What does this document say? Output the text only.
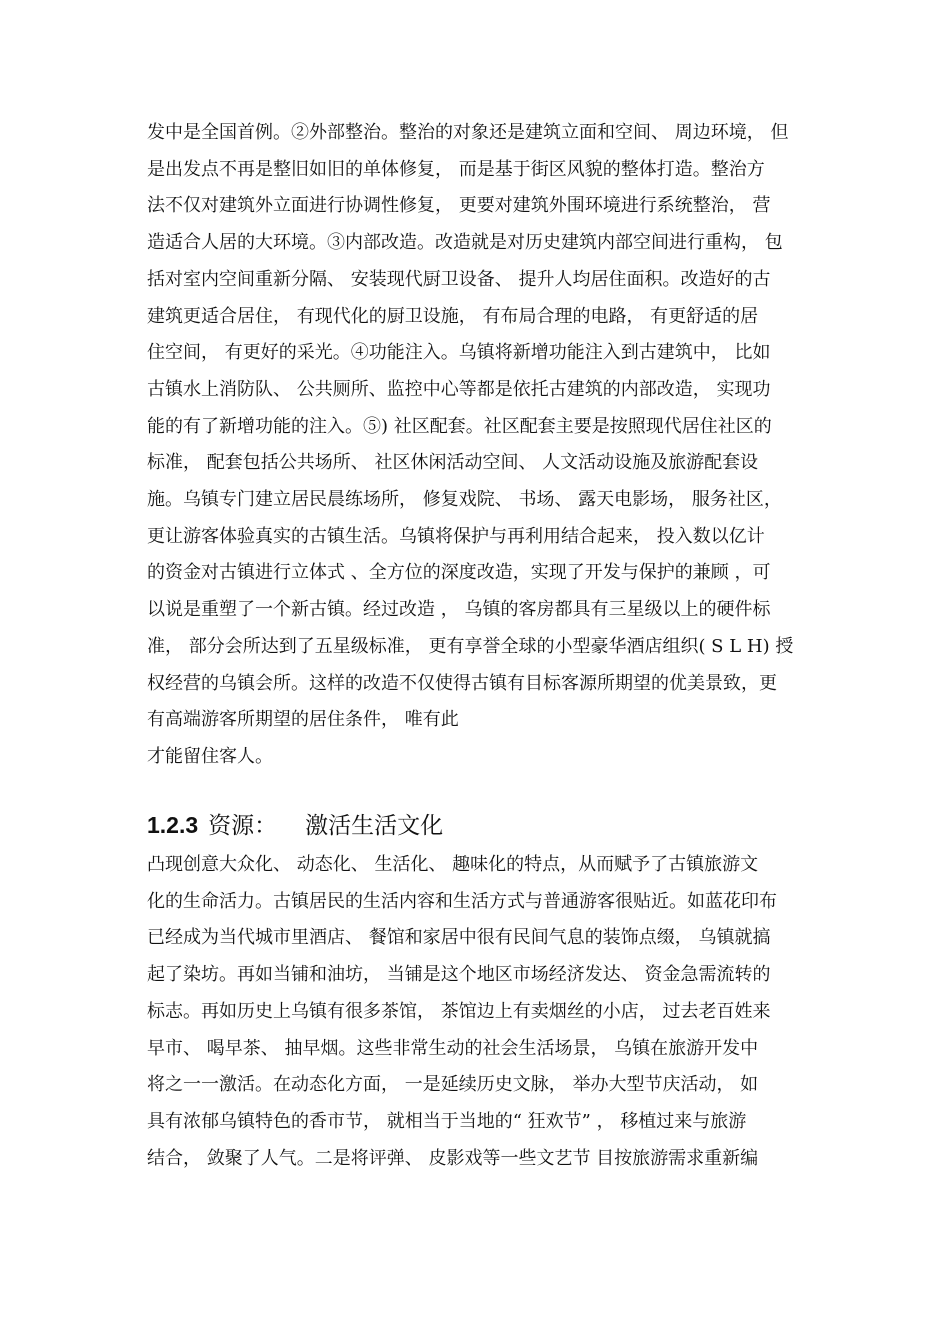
发中是全国首例。②外部整治。整治的对象还是建筑立面和空间、 周边环境， 但
是出发点不再是整旧如旧的单体修复， 而是基于街区风貌的整体打造。整治方
法不仅对建筑外立面进行协调性修复， 更要对建筑外围环境进行系统整治， 营
造适合人居的大环境。③内部改造。改造就是对历史建筑内部空间进行重构， 包
括对室内空间重新分隔、 安装现代厨卫设备、 提升人均居住面积。改造好的古
建筑更适合居住， 有现代化的厨卫设施， 有布局合理的电路， 有更舒适的居
住空间， 有更好的采光。④功能注入。乌镇将新增功能注入到古建筑中， 比如
古镇水上消防队、 公共厕所、监控中心等都是依托古建筑的内部改造， 实现功
能的有了新增功能的注入。⑤) 社区配套。社区配套主要是按照现代居住社区的
标准， 配套包括公共场所、 社区休闲活动空间、 人文活动设施及旅游配套设
施。乌镇专门建立居民晨练场所， 修复戏院、 书场、 露天电影场， 服务社区，
更让游客体验真实的古镇生活。乌镇将保护与再利用结合起来， 投入数以亿计
的资金对古镇进行立体式 、全方位的深度改造，实现了开发与保护的兼顾 ，可
以说是重塑了一个新古镇。经过改造 ， 乌镇的客房都具有三星级以上的硬件标
准， 部分会所达到了五星级标准， 更有享誉全球的小型豪华酒店组织( S L H) 授
权经营的乌镇会所。这样的改造不仅使得古镇有目标客源所期望的优美景致，更
有高端游客所期望的居住条件， 唯有此
才能留住客人。
1.2.3 资源： 激活生活文化
凸现创意大众化、 动态化、 生活化、 趣味化的特点，从而赋予了古镇旅游文
化的生命活力。古镇居民的生活内容和生活方式与普通游客很贴近。如蓝花印布
已经成为当代城市里酒店、 餐馆和家居中很有民间气息的装饰点缀， 乌镇就搞
起了染坊。再如当铺和油坊， 当铺是这个地区市场经济发达、 资金急需流转的
标志。再如历史上乌镇有很多茶馆， 茶馆边上有卖烟丝的小店， 过去老百姓来
早市、 喝早茶、 抽早烟。这些非常生动的社会生活场景， 乌镇在旅游开发中
将之一一激活。在动态化方面， 一是延续历史文脉， 举办大型节庆活动， 如
具有浓郁乌镇特色的香市节， 就相当于当地的“ 狂欢节” ， 移植过来与旅游
结合， 敛聚了人气。二是将评弹、 皮影戏等一些文艺节 目按旅游需求重新编
